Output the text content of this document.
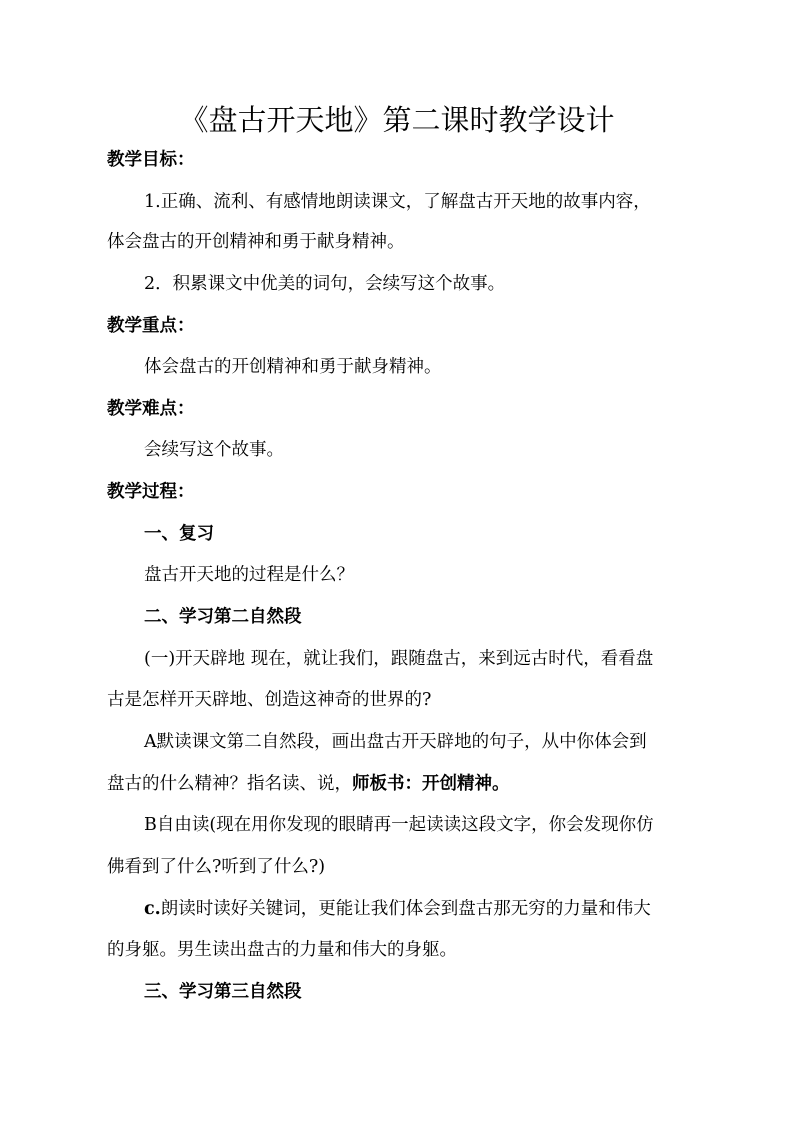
《盘古开天地》第二课时教学设计

教学目标：

1.正确、流利、有感情地朗读课文，了解盘古开天地的故事内容，

体会盘古的开创精神和勇于献身精神。

2．积累课文中优美的词句，会续写这个故事。

教学重点：

体会盘古的开创精神和勇于献身精神。

教学难点：

会续写这个故事。

教学过程：

一、复习

盘古开天地的过程是什么？

二、学习第二自然段

(一)开天辟地 现在，就让我们，跟随盘古，来到远古时代，看看盘

古是怎样开天辟地、创造这神奇的世界的?

A默读课文第二自然段，画出盘古开天辟地的句子，从中你体会到

盘古的什么精神？指名读、说，师板书：开创精神。

B自由读(现在用你发现的眼睛再一起读读这段文字，你会发现你仿

佛看到了什么?听到了什么?)

c.朗读时读好关键词，更能让我们体会到盘古那无穷的力量和伟大

的身躯。男生读出盘古的力量和伟大的身躯。

三、学习第三自然段
